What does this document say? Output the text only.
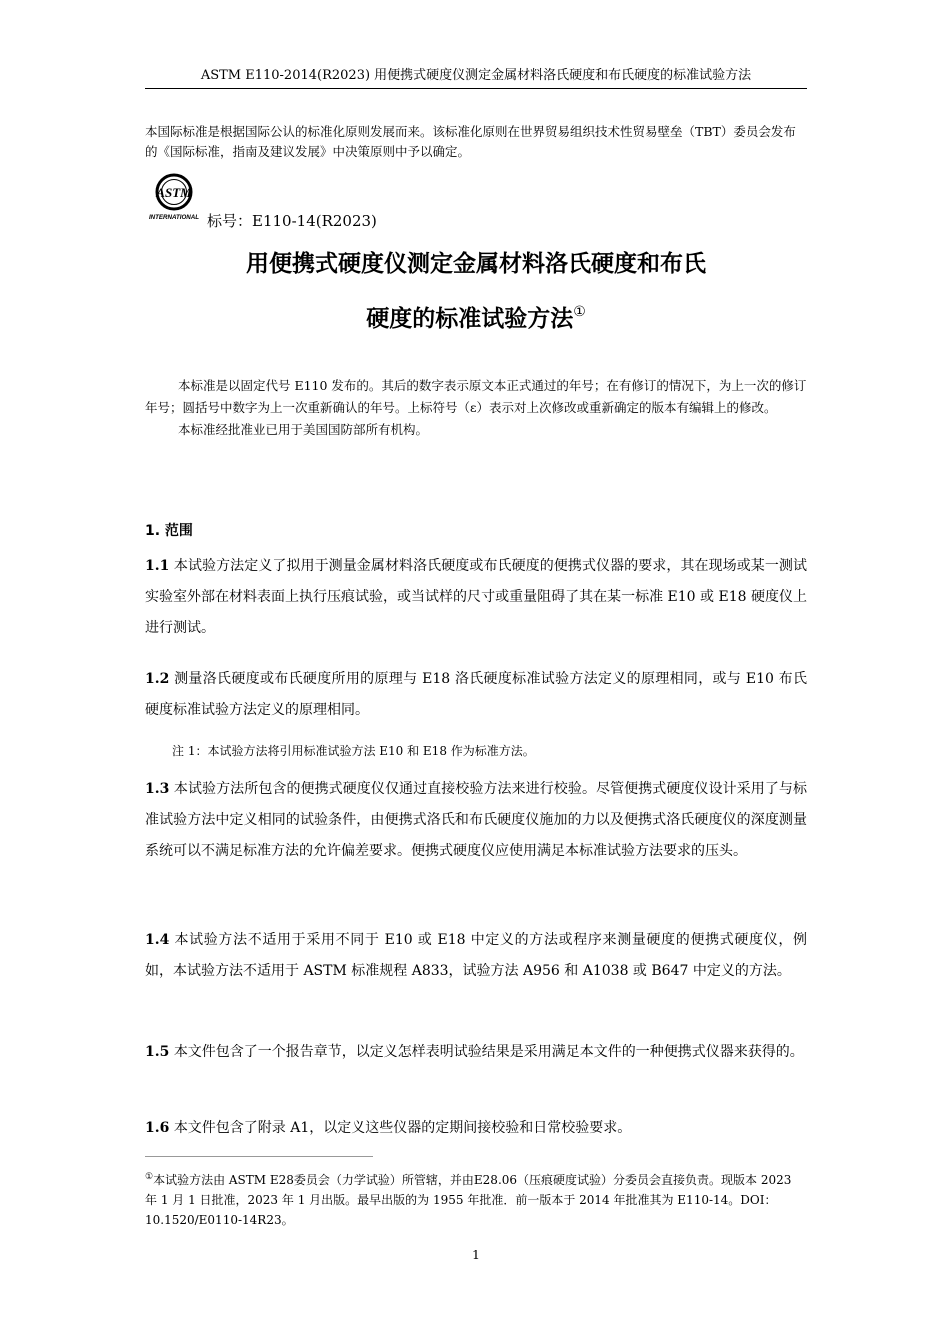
ASTM E110-2014(R2023) 用便携式硬度仪测定金属材料洛氏硬度和布氏硬度的标准试验方法
本国际标准是根据国际公认的标准化原则发展而来。该标准化原则在世界贸易组织技术性贸易壁垒（TBT）委员会发布的《国际标准，指南及建议发展》中决策原则中予以确定。
ASTM
INTERNATIONAL 标号：E110-14(R2023)
用便携式硬度仪测定金属材料洛氏硬度和布氏
硬度的标准试验方法①

本标准是以固定代号 E110 发布的。其后的数字表示原文本正式通过的年号；在有修订的情况下，为上一次的修订年号；圆括号中数字为上一次重新确认的年号。上标符号（ε）表示对上次修改或重新确定的版本有编辑上的修改。

本标准经批准业已用于美国国防部所有机构。

1. 范围
1.1 本试验方法定义了拟用于测量金属材料洛氏硬度或布氏硬度的便携式仪器的要求，其在现场或某一测试实验室外部在材料表面上执行压痕试验，或当试样的尺寸或重量阻碍了其在某一标准 E10 或 E18 硬度仪上进行测试。
1.2 测量洛氏硬度或布氏硬度所用的原理与 E18 洛氏硬度标准试验方法定义的原理相同，或与 E10 布氏硬度标准试验方法定义的原理相同。
注 1：本试验方法将引用标准试验方法 E10 和 E18 作为标准方法。
1.3 本试验方法所包含的便携式硬度仪仅通过直接校验方法来进行校验。尽管便携式硬度仪设计采用了与标准试验方法中定义相同的试验条件，由便携式洛氏和布氏硬度仪施加的力以及便携式洛氏硬度仪的深度测量系统可以不满足标准方法的允许偏差要求。便携式硬度仪应使用满足本标准试验方法要求的压头。
1.4 本试验方法不适用于采用不同于 E10 或 E18 中定义的方法或程序来测量硬度的便携式硬度仪，例如，本试验方法不适用于 ASTM 标准规程 A833，试验方法 A956 和 A1038 或 B647 中定义的方法。
1.5 本文件包含了一个报告章节，以定义怎样表明试验结果是采用满足本文件的一种便携式仪器来获得的。
1.6 本文件包含了附录 A1，以定义这些仪器的定期间接校验和日常校验要求。
①本试验方法由 ASTM E28委员会（力学试验）所管辖，并由E28.06（压痕硬度试验）分委员会直接负责。现版本 2023 年 1 月 1 日批准，2023 年 1 月出版。最早出版的为 1955 年批准．前一版本于 2014 年批准其为 E110-14。DOI：10.1520/E0110-14R23。
1
